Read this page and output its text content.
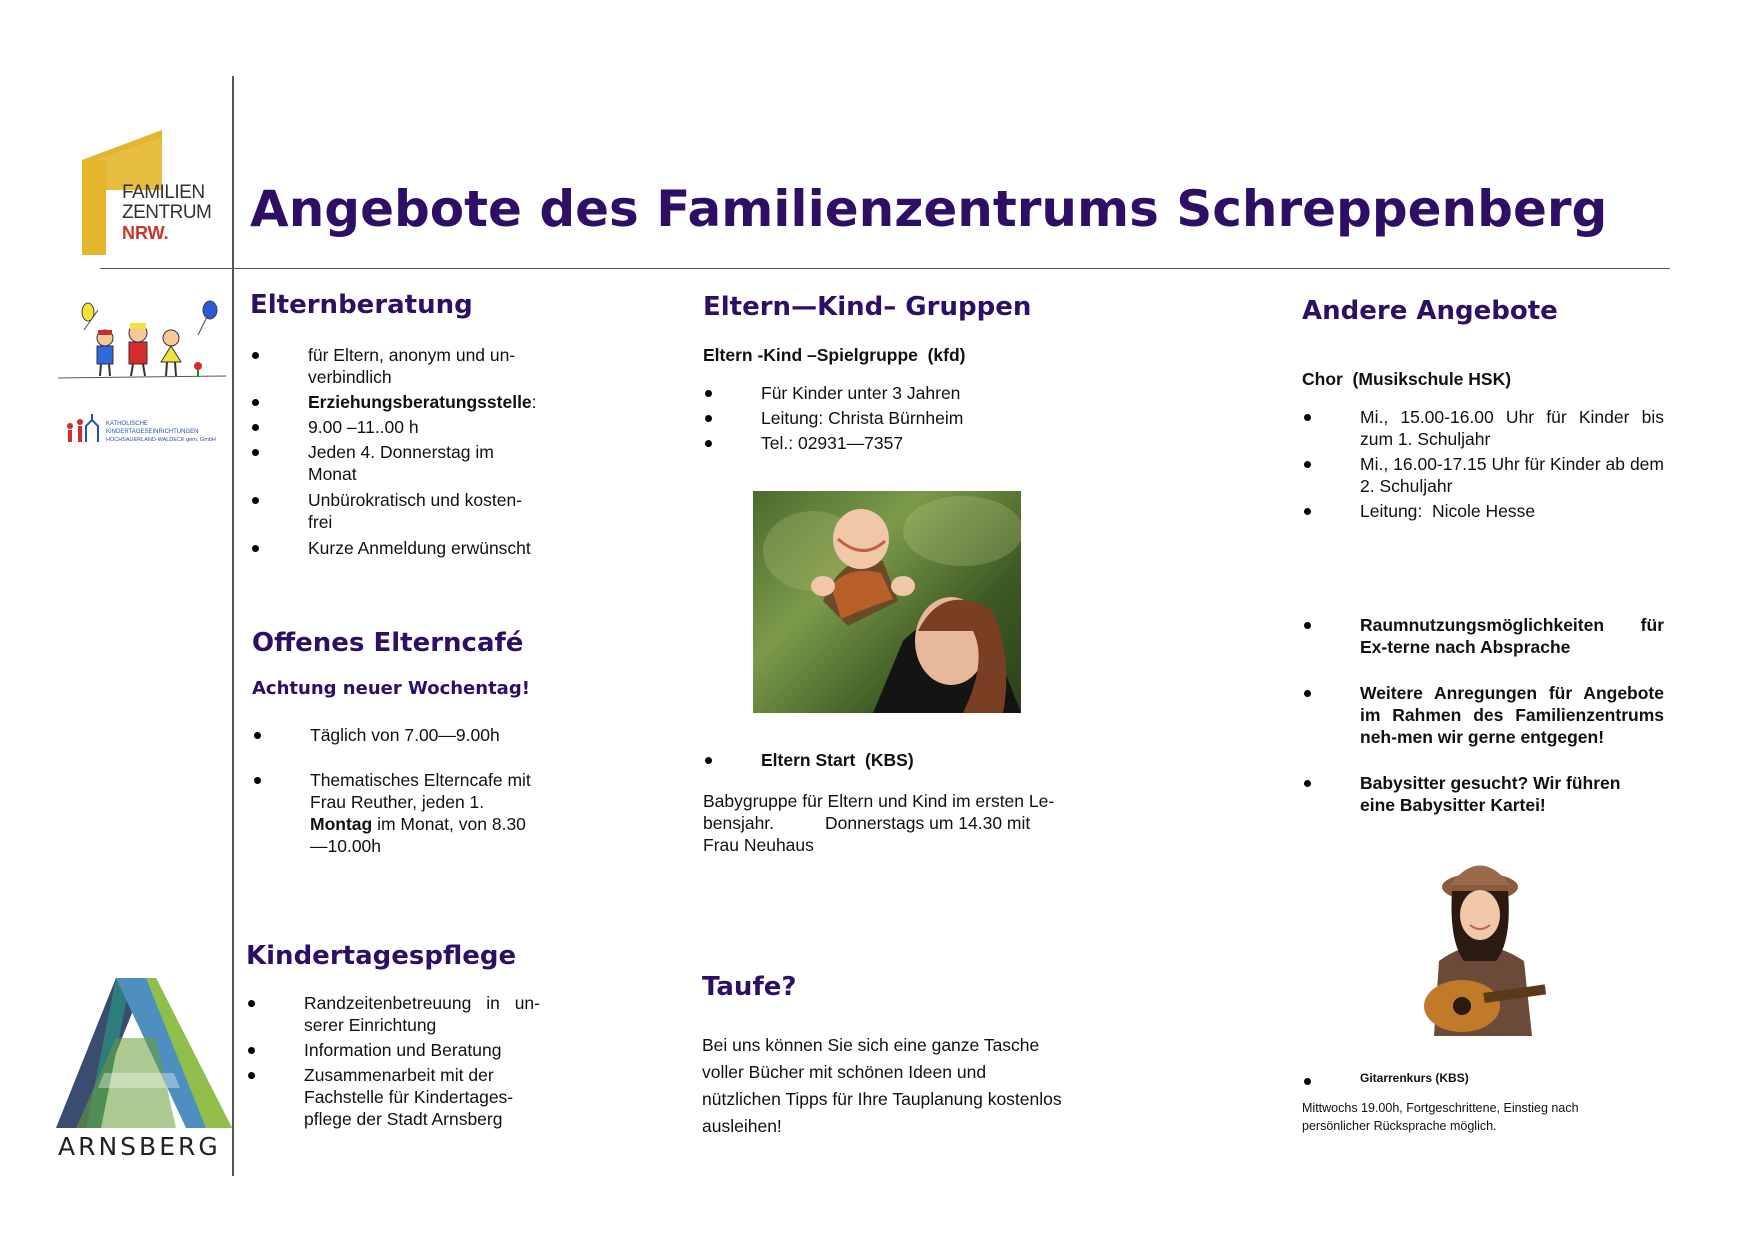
FAMILIEN
ZENTRUM
NRW.
KATHOLISCHE
KINDERTAGESEINRICHTUNGEN
HOCHSAUERLAND-WALDECK gem. GmbH
ARNSBERG
Angebote des Familienzentrums Schreppenberg
Elternberatung
für Eltern, anonym und un-verbindlich
Erziehungsberatungsstelle:
9.00 –11..00 h
Jeden 4. Donnerstag im Monat
Unbürokratisch und kosten-frei
Kurze Anmeldung erwünscht
Offenes Elterncafé
Achtung neuer Wochentag!
Täglich von 7.00—9.00h
Thematisches Elterncafe mit Frau Reuther, jeden 1. Montag im Monat, von 8.30—10.00h
Kindertagespflege
Randzeitenbetreuung in un-serer Einrichtung
Information und Beratung
Zusammenarbeit mit der Fachstelle für Kindertages-pflege der Stadt Arnsberg
Eltern—Kind– Gruppen
Eltern -Kind –Spielgruppe  (kfd)
Für Kinder unter 3 Jahren
Leitung: Christa Bürnheim
Tel.: 02931—7357
Eltern Start  (KBS)
Babygruppe für Eltern und Kind im ersten Le-bensjahr.	Donnerstags um 14.30 mit Frau Neuhaus
Taufe?
Bei uns können Sie sich eine ganze Tasche voller Bücher mit schönen Ideen und nützlichen Tipps für Ihre Tauplanung kostenlos ausleihen!
Andere Angebote
Chor  (Musikschule HSK)
Mi., 15.00-16.00 Uhr für Kinder bis zum 1. Schuljahr
Mi., 16.00-17.15 Uhr für Kinder ab dem 2. Schuljahr
Leitung:  Nicole Hesse
Raumnutzungsmöglichkeiten für Ex-terne nach Absprache
Weitere Anregungen für Angebote im Rahmen des Familienzentrums neh-men wir gerne entgegen!
Babysitter gesucht? Wir führen eine Babysitter Kartei!
Gitarrenkurs (KBS)
Mittwochs 19.00h, Fortgeschrittene, Einstieg nach persönlicher Rücksprache möglich.
